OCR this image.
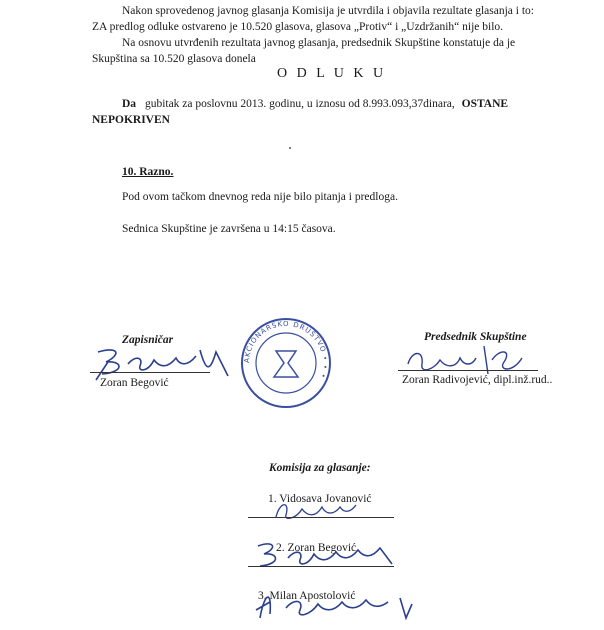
Nakon sprovedenog javnog glasanja Komisija je utvrdila i objavila rezultate glasanja i to:
ZA predlog odluke ostvareno je 10.520 glasova, glasova „Protiv“ i „Uzdržanih“ nije bilo.
Na osnovu utvrđenih rezultata javnog glasanja, predsednik Skupštine konstatuje da je
Skupština sa 10.520 glasova donela
O D L U K U
Da gubitak za poslovnu 2013. godinu, u iznosu od 8.993.093,37dinara, OSTANE
NEPOKRIVEN
10. Razno.
Pod ovom tačkom dnevnog reda nije bilo pitanja i predloga.
Sednica Skupštine je završena u 14:15 časova.
Zapisničar
Zoran Begović
AKCIONARSKO DRUŠTVO • • •
Predsednik Skupštine
Zoran Radivojević, dipl.inž.rud..
Komisija za glasanje:
1. Vidosava Jovanović
2. Zoran Begović
3. Milan Apostolović
